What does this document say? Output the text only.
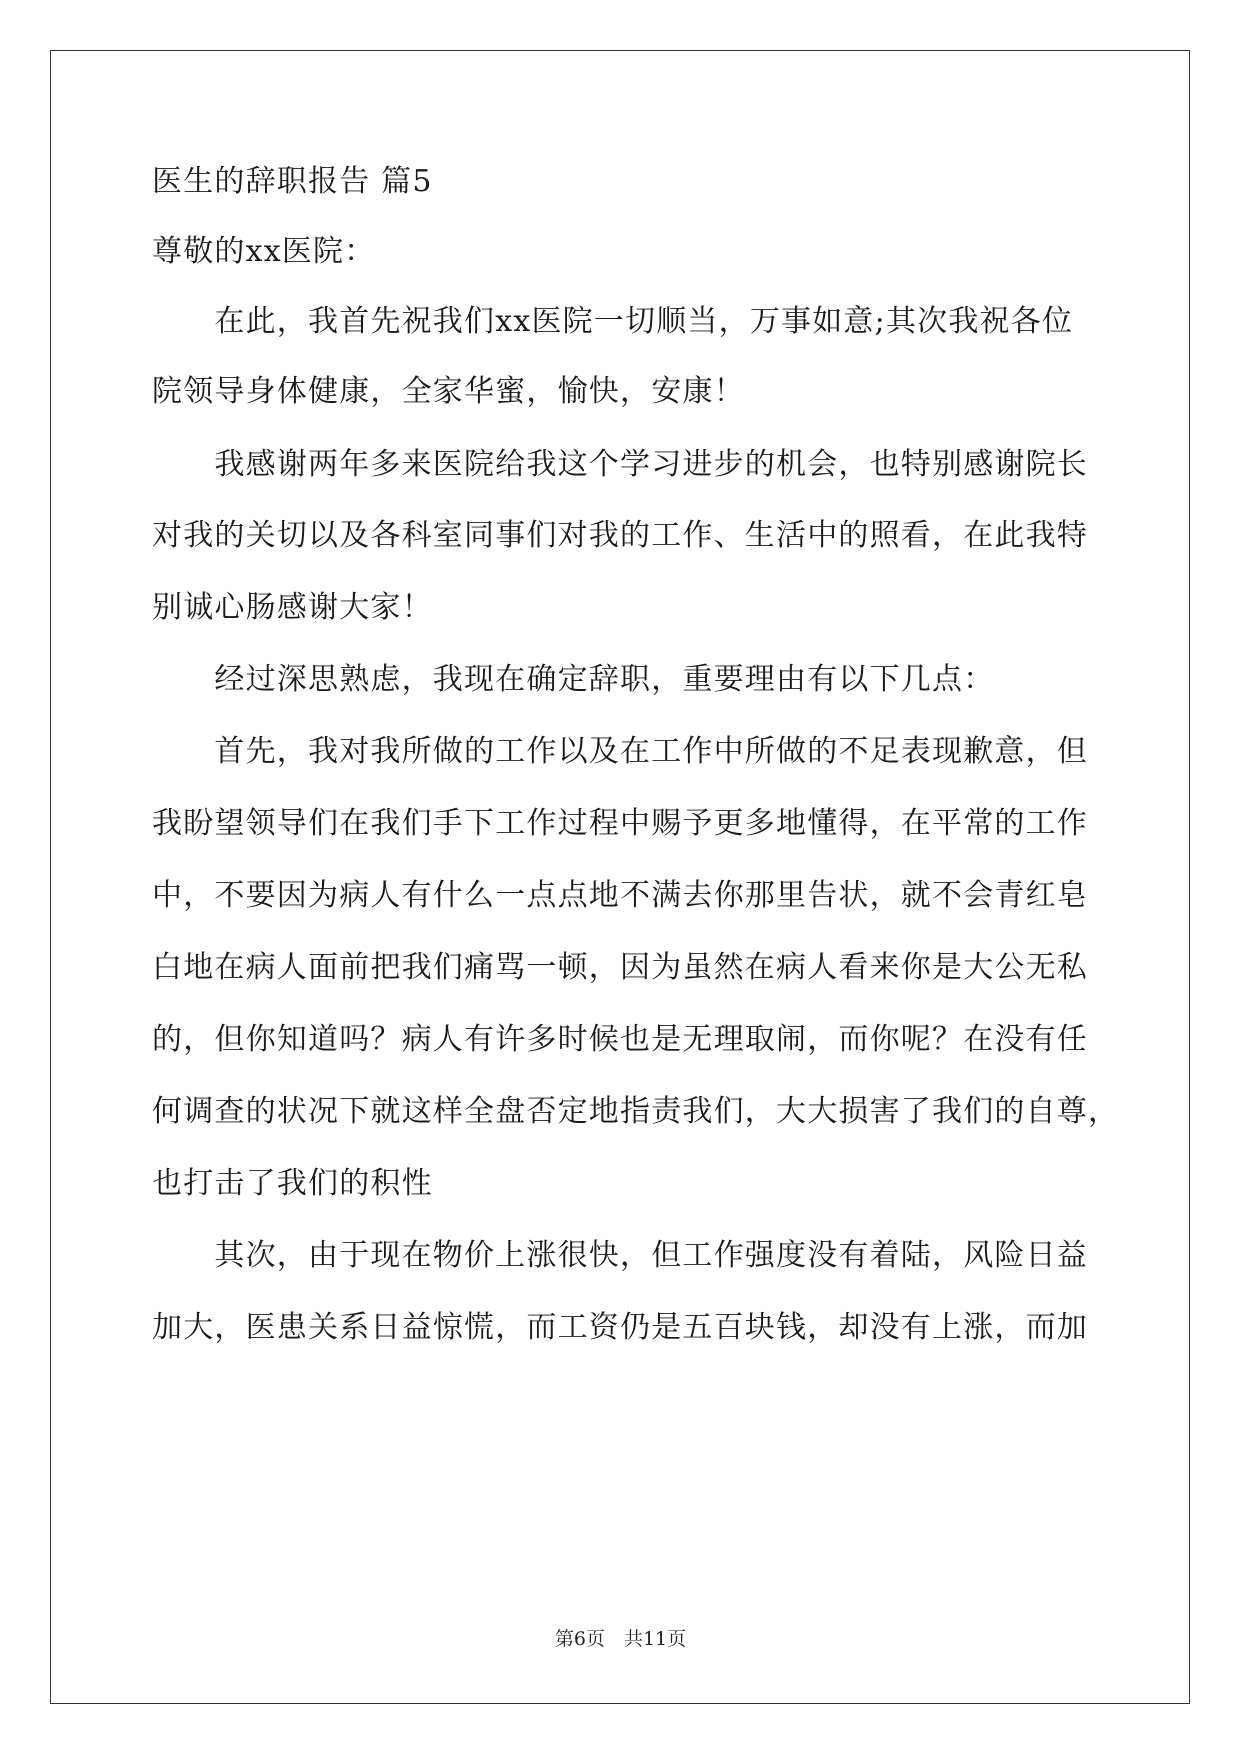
医生的辞职报告 篇5
尊敬的xx医院：
　　在此，我首先祝我们xx医院一切顺当，万事如意;其次我祝各位
院领导身体健康，全家华蜜，愉快，安康！
　　我感谢两年多来医院给我这个学习进步的机会，也特别感谢院长
对我的关切以及各科室同事们对我的工作、生活中的照看，在此我特
别诚心肠感谢大家！
　　经过深思熟虑，我现在确定辞职，重要理由有以下几点：
　　首先，我对我所做的工作以及在工作中所做的不足表现歉意，但
我盼望领导们在我们手下工作过程中赐予更多地懂得，在平常的工作
中，不要因为病人有什么一点点地不满去你那里告状，就不会青红皂
白地在病人面前把我们痛骂一顿，因为虽然在病人看来你是大公无私
的，但你知道吗？病人有许多时候也是无理取闹，而你呢？在没有任
何调查的状况下就这样全盘否定地指责我们，大大损害了我们的自尊，
也打击了我们的积性
　　其次，由于现在物价上涨很快，但工作强度没有着陆，风险日益
加大，医患关系日益惊慌，而工资仍是五百块钱，却没有上涨，而加
第6页　共11页
